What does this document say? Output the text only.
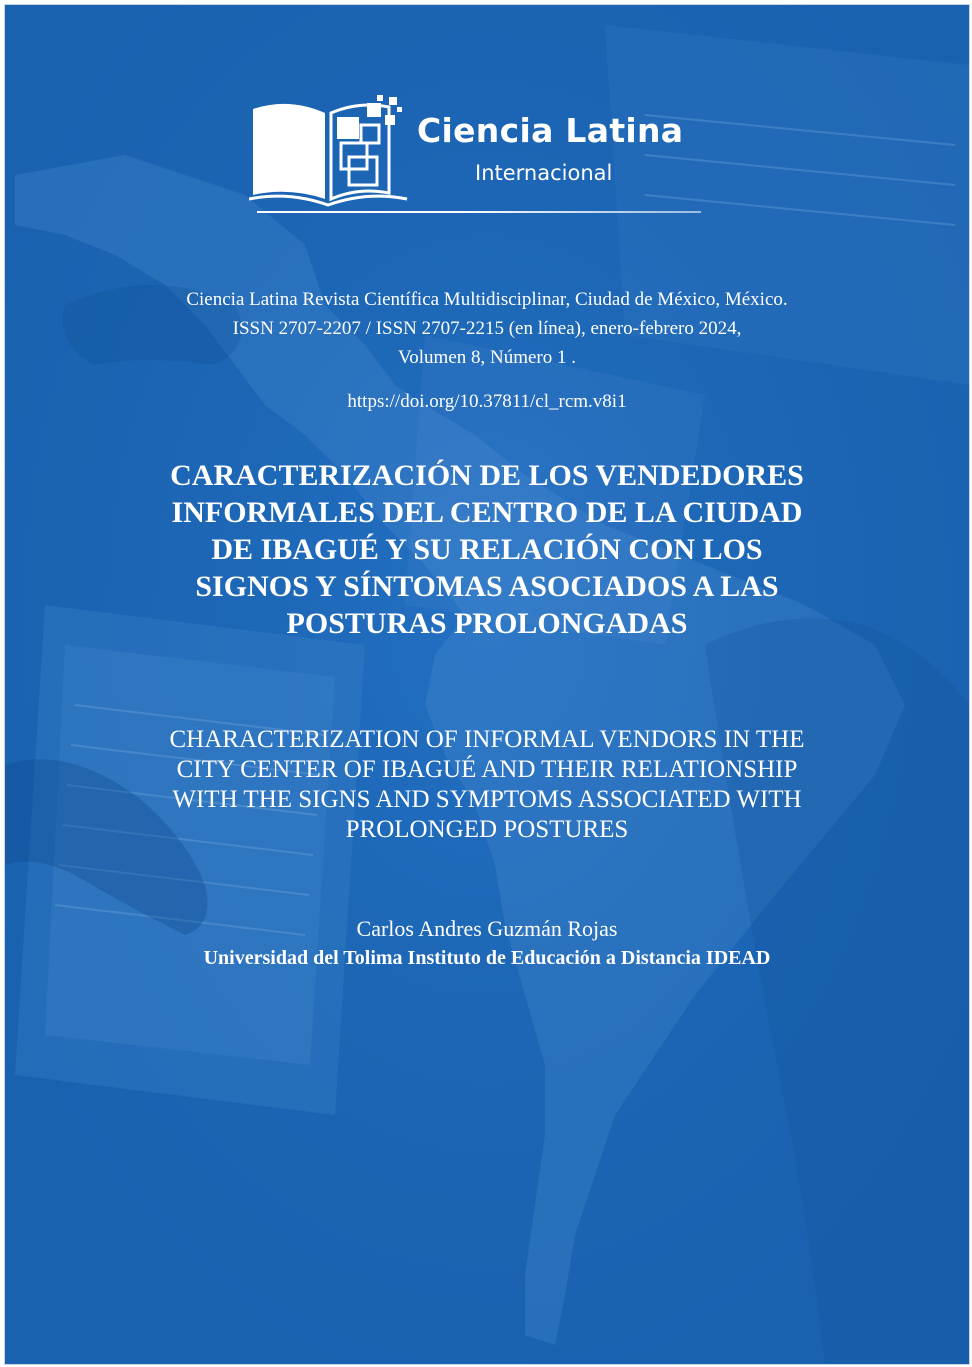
Ciencia Latina
Internacional
Ciencia Latina Revista Científica Multidisciplinar, Ciudad de México, México.
ISSN 2707-2207 / ISSN 2707-2215 (en línea), enero-febrero 2024,
Volumen 8, Número 1 .
https://doi.org/10.37811/cl_rcm.v8i1
CARACTERIZACIÓN DE LOS VENDEDORES
INFORMALES DEL CENTRO DE LA CIUDAD
DE IBAGUÉ Y SU RELACIÓN CON LOS
SIGNOS Y SÍNTOMAS ASOCIADOS A LAS
POSTURAS PROLONGADAS
CHARACTERIZATION OF INFORMAL VENDORS IN THE
CITY CENTER OF IBAGUÉ AND THEIR RELATIONSHIP
WITH THE SIGNS AND SYMPTOMS ASSOCIATED WITH
PROLONGED POSTURES
Carlos Andres Guzmán Rojas
Universidad del Tolima Instituto de Educación a Distancia IDEAD
